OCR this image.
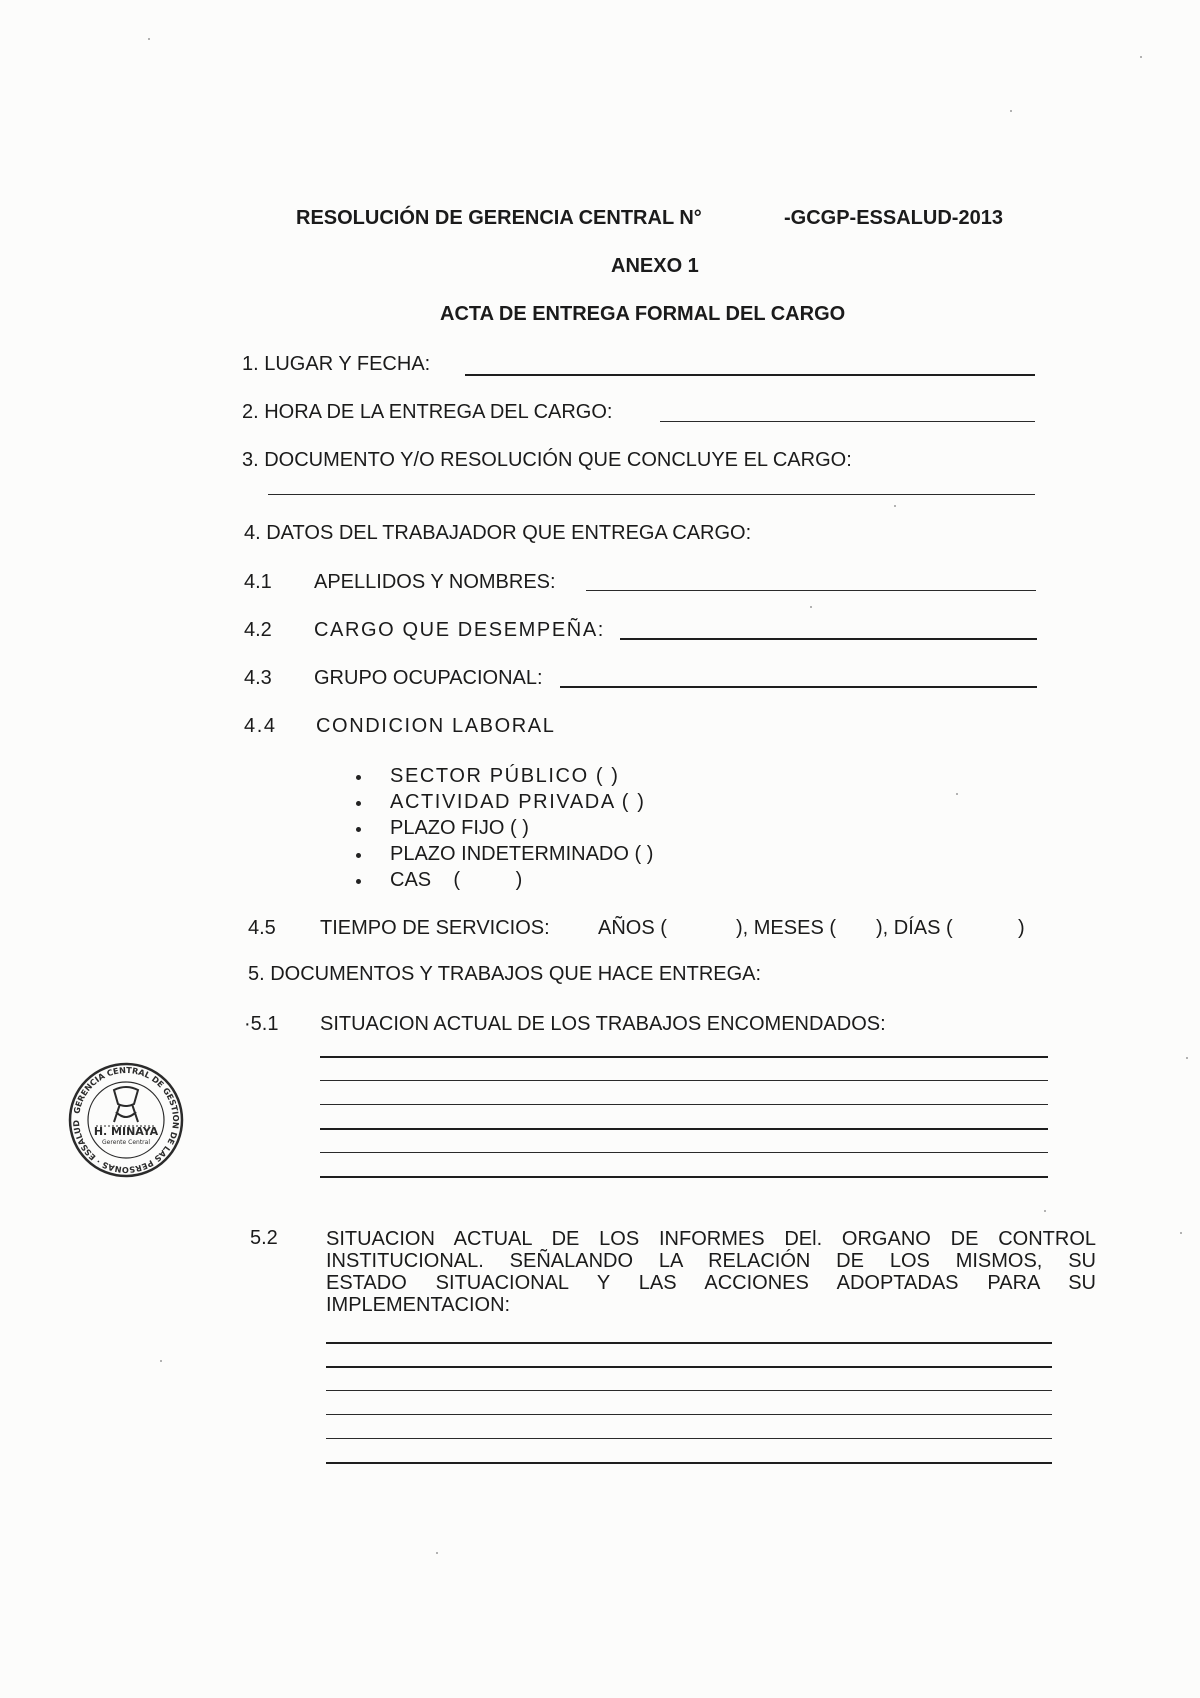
RESOLUCIÓN DE GERENCIA CENTRAL N°	-GCGP-ESSALUD-2013
ANEXO 1
ACTA DE ENTREGA FORMAL DEL CARGO
1. LUGAR Y FECHA:
2. HORA DE LA ENTREGA DEL CARGO:
3. DOCUMENTO Y/O RESOLUCIÓN QUE CONCLUYE EL CARGO:
4. DATOS DEL TRABAJADOR QUE ENTREGA CARGO:
4.1 APELLIDOS Y NOMBRES:
4.2 CARGO QUE DESEMPEÑA:
4.3 GRUPO OCUPACIONAL:
4.4 CONDICION LABORAL
SECTOR PÚBLICO ( )
ACTIVIDAD PRIVADA ( )
PLAZO FIJO ( )
PLAZO INDETERMINADO ( )
CAS    (          )
4.5 TIEMPO DE SERVICIOS: AÑOS (	), MESES ( ), DÍAS (	)
5. DOCUMENTOS Y TRABAJOS QUE HACE ENTREGA:
·5.1 SITUACION ACTUAL DE LOS TRABAJOS ENCOMENDADOS:
5.2 SITUACION ACTUAL DE LOS INFORMES DEl. ORGANO DE CONTROL
INSTITUCIONAL. SEÑALANDO LA RELACIÓN DE LOS MISMOS, SU
ESTADO SITUACIONAL Y LAS ACCIONES ADOPTADAS PARA SU
IMPLEMENTACION:
GERENCIA CENTRAL DE GESTION DE LAS PERSONAS · ESSALUD
H. MINAYA
Gerente Central
